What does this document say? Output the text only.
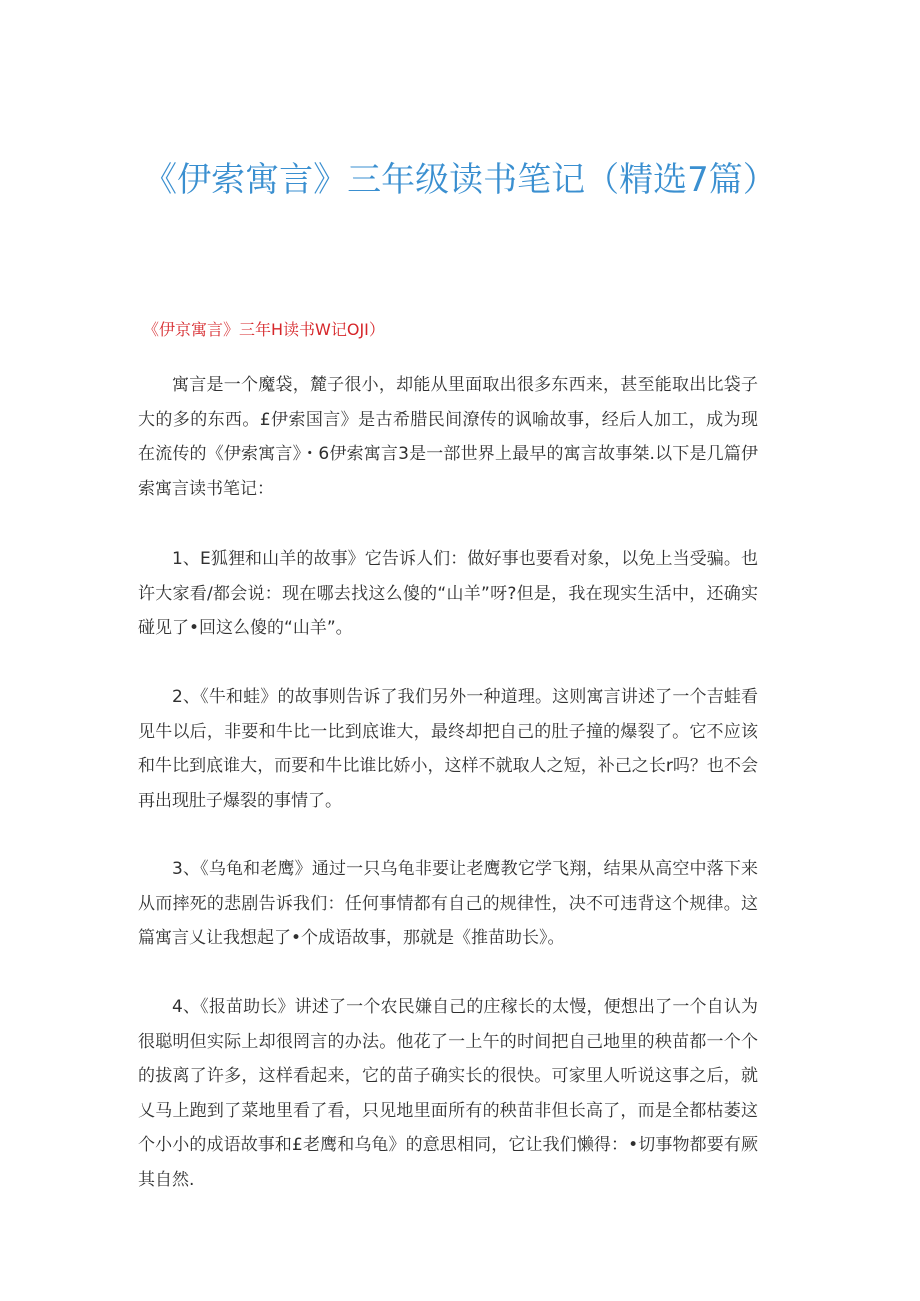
《伊索寓言》三年级读书笔记（精选7篇）

《伊京寓言》三年H读书W记OJI）

寓言是一个魔袋，麓子很小，却能从里面取出很多东西来，甚至能取出比袋子大的多的东西。£伊索国言》是古希腊民间潦传的讽喻故事，经后人加工，成为现在流传的《伊索寓言》・6伊索寓言3是一部世界上最早的寓言故事桀.以下是几篇伊索寓言读书笔记：

1、E狐狸和山羊的故事》它告诉人们：做好事也要看对象，以免上当受骗。也许大家看/都会说：现在哪去找这么傻的“山羊”呀?但是，我在现实生活中，还确实碰见了•回这么傻的“山羊”。

2、《牛和蛙》的故事则告诉了我们另外一种道理。这则寓言讲述了一个吉蛙看见牛以后，非要和牛比一比到底谁大，最终却把自己的肚子撞的爆裂了。它不应该和牛比到底谁大，而要和牛比谁比娇小，这样不就取人之短，补己之长r吗？也不会再出现肚子爆裂的事情了。

3、《乌龟和老鹰》通过一只乌龟非要让老鹰教它学飞翔，结果从高空中落下来从而摔死的悲剧告诉我们：任何事情都有自己的规律性，决不可违背这个规律。这篇寓言乂让我想起了•个成语故事，那就是《推苗助长》。

4、《报苗助长》讲述了一个农民嫌自己的庄稼长的太慢，便想出了一个自认为很聪明但实际上却很罔言的办法。他花了一上午的时间把自己地里的秧苗都一个个的拔离了许多，这样看起来，它的苗子确实长的很快。可家里人听说这事之后，就乂马上跑到了菜地里看了看，只见地里面所有的秧苗非但长高了，而是全都枯萎这个小小的成语故事和£老鹰和乌龟》的意思相同，它让我们懒得：•切事物都要有厥其自然.
